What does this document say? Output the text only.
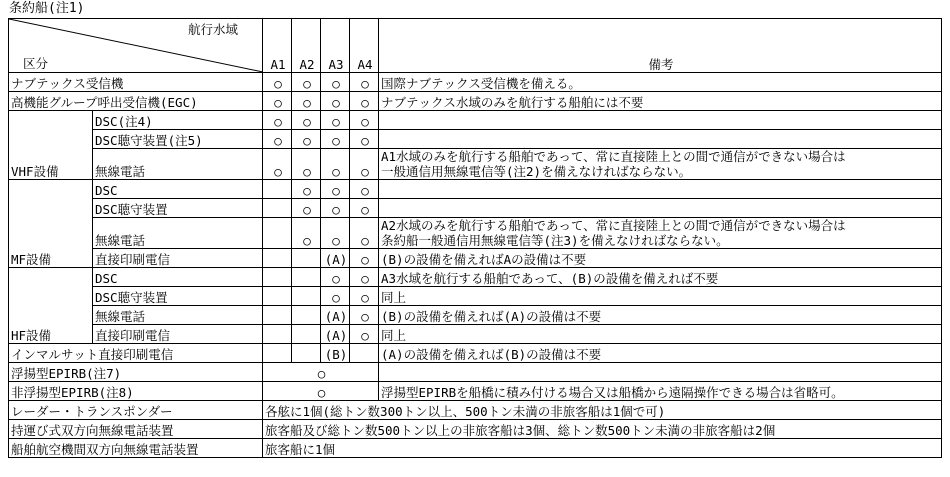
条約船(注1)
航行水域
区分		A1	A2	A3	A4	備考
ナブテックス受信機		○	○	○	○	国際ナブテックス受信機を備える。
高機能グループ呼出受信機(EGC)		○	○	○	○	ナブテックス水域のみを航行する船舶には不要
VHF設備	DSC(注4)	○	○	○	○	
	DSC聴守装置(注5)	○	○	○	○	
	無線電話	○	○	○	○	A1水域のみを航行する船舶であって、常に直接陸上との間で通信ができない場合は
一般通信用無線電信等(注2)を備えなければならない。
MF設備	DSC		○	○	○	
	DSC聴守装置		○	○	○	
	無線電話		○	○	○	A2水域のみを航行する船舶であって、常に直接陸上との間で通信ができない場合は
条約船一般通信用無線電信等(注3)を備えなければならない。
	直接印刷電信			(A)	○	(B)の設備を備えればAの設備は不要
HF設備	DSC			○	○	A3水域を航行する船舶であって、(B)の設備を備えれば不要
	DSC聴守装置			○	○	同上
	無線電話			(A)	○	(B)の設備を備えれば(A)の設備は不要
	直接印刷電信			(A)	○	同上
インマルサット直接印刷電信				(B)		(A)の設備を備えれば(B)の設備は不要
浮揚型EPIRB(注7)		○				
非浮揚型EPIRB(注8)		○				浮揚型EPIRBを船橋に積み付ける場合又は船橋から遠隔操作できる場合は省略可。
レーダー・トランスポンダー		各舷に1個(総トン数300トン以上、500トン未満の非旅客船は1個で可)				
持運び式双方向無線電話装置		旅客船及び総トン数500トン以上の非旅客船は3個、総トン数500トン未満の非旅客船は2個				
船舶航空機間双方向無線電話装置		旅客船に1個				
